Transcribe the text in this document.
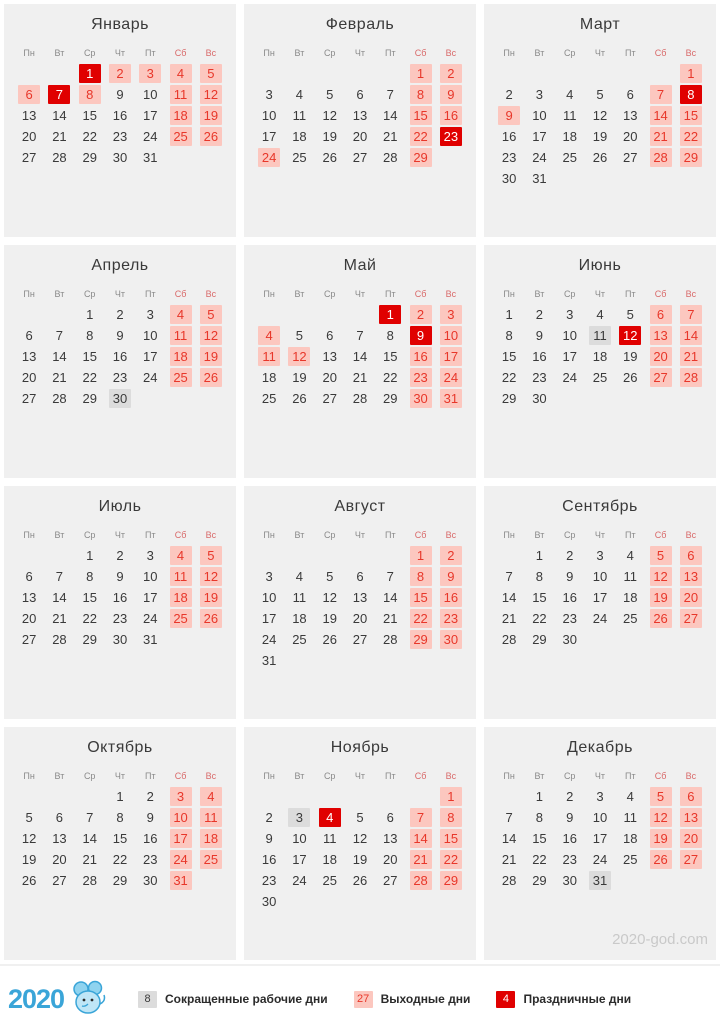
Январь
Пн	Вт	Ср	Чт	Пт	Сб	Вс

		1	2	3	4	5

6	7	8	9	10	11	12

13	14	15	16	17	18	19

20	21	22	23	24	25	26

27	28	29	30	31		

Февраль
Пн	Вт	Ср	Чт	Пт	Сб	Вс

					1	2

3	4	5	6	7	8	9

10	11	12	13	14	15	16

17	18	19	20	21	22	23

24	25	26	27	28	29	

Март
Пн	Вт	Ср	Чт	Пт	Сб	Вс

						1

2	3	4	5	6	7	8

9	10	11	12	13	14	15

16	17	18	19	20	21	22

23	24	25	26	27	28	29

30	31					

Апрель
Пн	Вт	Ср	Чт	Пт	Сб	Вс

		1	2	3	4	5

6	7	8	9	10	11	12

13	14	15	16	17	18	19

20	21	22	23	24	25	26

27	28	29	30			

Май
Пн	Вт	Ср	Чт	Пт	Сб	Вс

				1	2	3

4	5	6	7	8	9	10

11	12	13	14	15	16	17

18	19	20	21	22	23	24

25	26	27	28	29	30	31
Июнь
Пн	Вт	Ср	Чт	Пт	Сб	Вс

1	2	3	4	5	6	7

8	9	10	11	12	13	14

15	16	17	18	19	20	21

22	23	24	25	26	27	28

29	30					

Июль
Пн	Вт	Ср	Чт	Пт	Сб	Вс

		1	2	3	4	5

6	7	8	9	10	11	12

13	14	15	16	17	18	19

20	21	22	23	24	25	26

27	28	29	30	31		

Август
Пн	Вт	Ср	Чт	Пт	Сб	Вс

					1	2

3	4	5	6	7	8	9

10	11	12	13	14	15	16

17	18	19	20	21	22	23

24	25	26	27	28	29	30

31						

Сентябрь
Пн	Вт	Ср	Чт	Пт	Сб	Вс

	1	2	3	4	5	6

7	8	9	10	11	12	13

14	15	16	17	18	19	20

21	22	23	24	25	26	27

28	29	30				

Октябрь
Пн	Вт	Ср	Чт	Пт	Сб	Вс

			1	2	3	4

5	6	7	8	9	10	11

12	13	14	15	16	17	18

19	20	21	22	23	24	25

26	27	28	29	30	31	

Ноябрь
Пн	Вт	Ср	Чт	Пт	Сб	Вс

						1

2	3	4	5	6	7	8

9	10	11	12	13	14	15

16	17	18	19	20	21	22

23	24	25	26	27	28	29

30						

Декабрь
Пн	Вт	Ср	Чт	Пт	Сб	Вс

	1	2	3	4	5	6

7	8	9	10	11	12	13

14	15	16	17	18	19	20

21	22	23	24	25	26	27

28	29	30	31			

2020-god.com
2020	8	Сокращенные рабочие дни	27 Выходные дни	4	Праздничные дни
